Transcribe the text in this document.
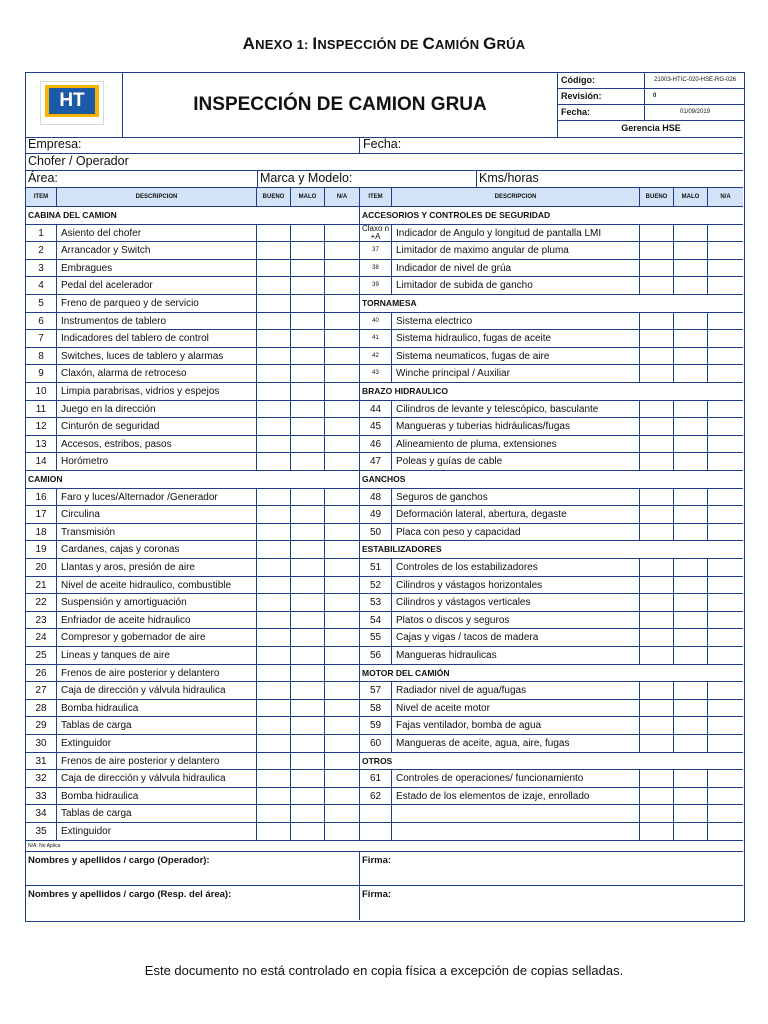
ANEXO 1: INSPECCIÓN DE CAMIÓN GRÚA
HT	INSPECCIÓN DE CAMION GRUA
Código:	21003-HTIC-020-HSE-RG-026
Revisión:	0
Fecha:	01/09/2019
Gerencia HSE
Empresa:	Fecha:
Chofer / Operador
Área:	Marca y Modelo:	Kms/horas
ITEM	DESCRIPCION	BUENO	MALO	N/A	ITEM	DESCRIPCION	BUENO	MALO	N/A
CABINA DEL CAMION	ACCESORIOS Y CONTROLES DE SEGURIDAD
1	Asiento del chofer	Claxo n +A	Indicador de Angulo y longitud de pantalla LMI
2	Arrancador y Switch	37	Limitador de maximo angular de pluma
3	Embragues	38	Indicador de nivel de grúa
4	Pedal del acelerador	39	Limitador de subida de gancho
5	Freno de parqueo y de servicio	TORNAMESA
6	Instrumentos de tablero	40	Sistema electrico
7	Indicadores del tablero de control	41	Sistema hidraulico, fugas de aceite
8	Switches, luces de tablero y alarmas	42	Sistema neumaticos, fugas de aire
9	Claxón, alarma de retroceso	43	Winche principal / Auxiliar
10	Limpia parabrisas, vidrios y espejos	BRAZO HIDRAULICO
11	Juego en la dirección	44	Cilindros de levante y telescópico, basculante
12	Cinturón de seguridad	45	Mangueras y tuberias hidráulicas/fugas
13	Accesos, estribos, pasos	46	Alineamiento de pluma, extensiones
14	Horómetro	47	Poleas y guías de cable
CAMION	GANCHOS
16	Faro y luces/Alternador /Generador	48	Seguros de ganchos
17	Circulina	49	Deformación lateral, abertura, degaste
18	Transmisión	50	Placa con peso y capacidad
19	Cardanes, cajas y coronas	ESTABILIZADORES
20	Llantas y aros, presión de aire	51	Controles de los estabilizadores
21	Nivel de aceite hidraulico, combustible	52	Cilindros y vástagos horizontales
22	Suspensión y amortiguación	53	Cilindros y vástagos verticales
23	Enfriador de aceite hidraulico	54	Platos o discos y seguros
24	Compresor y gobernador de aire	55	Cajas y vigas / tacos de madera
25	Lineas y tanques de aire	56	Mangueras hidraulicas
26	Frenos de aire posterior y delantero	MOTOR DEL CAMIÓN
27	Caja de dirección y válvula hidraulica	57	Radiador nivel de agua/fugas
28	Bomba hidraulica	58	Nivel de aceite motor
29	Tablas de carga	59	Fajas ventilador, bomba de agua
30	Extinguidor	60	Mangueras de aceite, agua, aire, fugas
31	Frenos de aire posterior y delantero	OTROS
32	Caja de dirección y válvula hidraulica	61	Controles de operaciones/ funcionamiento
33	Bomba hidraulica	62	Estado de los elementos de izaje, enrollado
34	Tablas de carga
35	Extinguidor
N/A: No Aplica
Nombres y apellidos / cargo (Operador):	Firma:
Nombres y apellidos / cargo (Resp. del área):	Firma:
Este documento no está controlado en copia física a excepción de copias selladas.
